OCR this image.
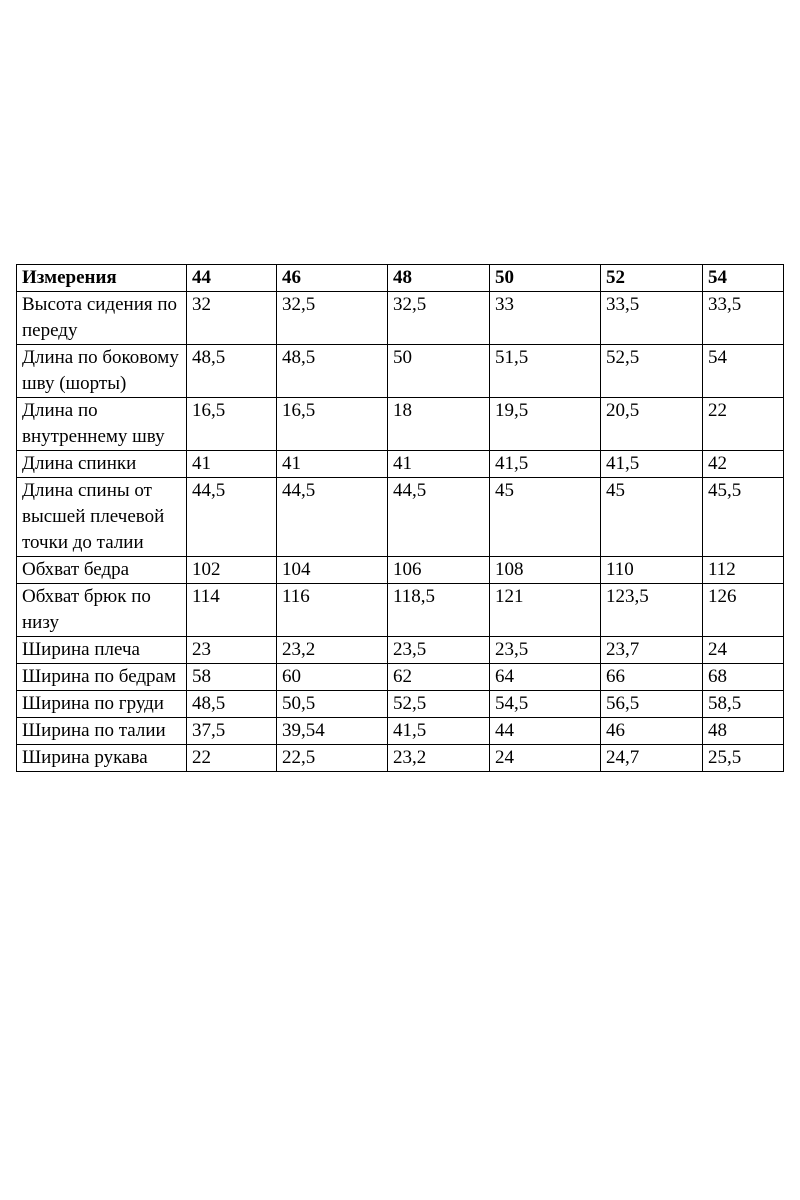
Измерения	44	46	48	50	52	54
Высота сидения по переду	32	32,5	32,5	33	33,5	33,5
Длина по боковому шву (шорты)	48,5	48,5	50	51,5	52,5	54
Длина по внутреннему шву	16,5	16,5	18	19,5	20,5	22
Длина спинки	41	41	41	41,5	41,5	42
Длина спины от высшей плечевой точки до талии	44,5	44,5	44,5	45	45	45,5
Обхват бедра	102	104	106	108	110	112
Обхват брюк по низу	114	116	118,5	121	123,5	126
Ширина плеча	23	23,2	23,5	23,5	23,7	24
Ширина по бедрам	58	60	62	64	66	68
Ширина по груди	48,5	50,5	52,5	54,5	56,5	58,5
Ширина по талии	37,5	39,54	41,5	44	46	48
Ширина рукава	22	22,5	23,2	24	24,7	25,5
